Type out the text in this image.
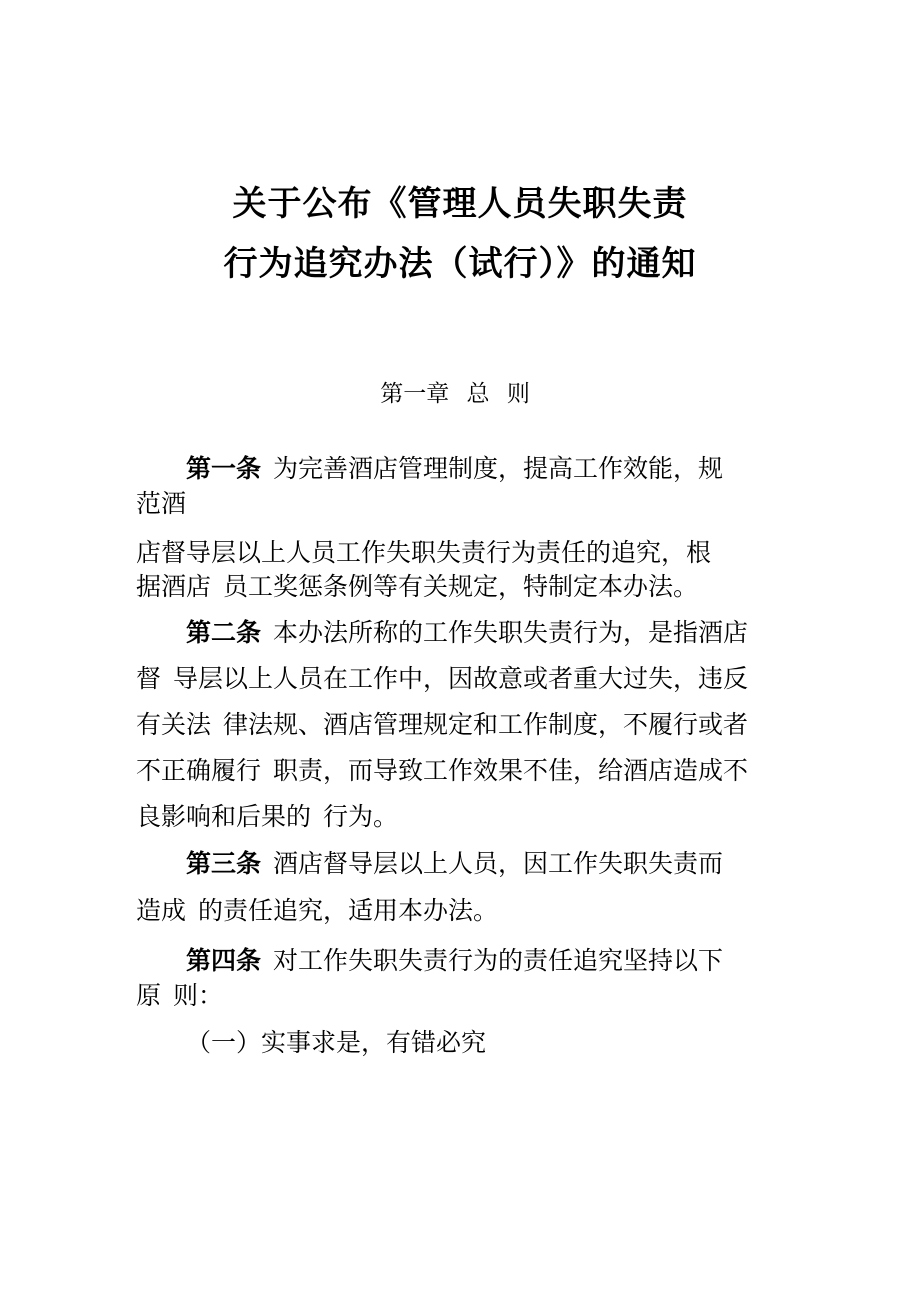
关于公布《管理人员失职失责
行为追究办法（试行）》的通知
第一章 总 则
第一条 为完善酒店管理制度，提高工作效能，规
范酒
店督导层以上人员工作失职失责行为责任的追究，根
据酒店 员工奖惩条例等有关规定，特制定本办法。
第二条 本办法所称的工作失职失责行为，是指酒店
督 导层以上人员在工作中，因故意或者重大过失，违反
有关法 律法规、酒店管理规定和工作制度，不履行或者
不正确履行 职责，而导致工作效果不佳，给酒店造成不
良影响和后果的 行为。
第三条 酒店督导层以上人员，因工作失职失责而
造成 的责任追究，适用本办法。
第四条 对工作失职失责行为的责任追究坚持以下
原 则：
（一）实事求是，有错必究
